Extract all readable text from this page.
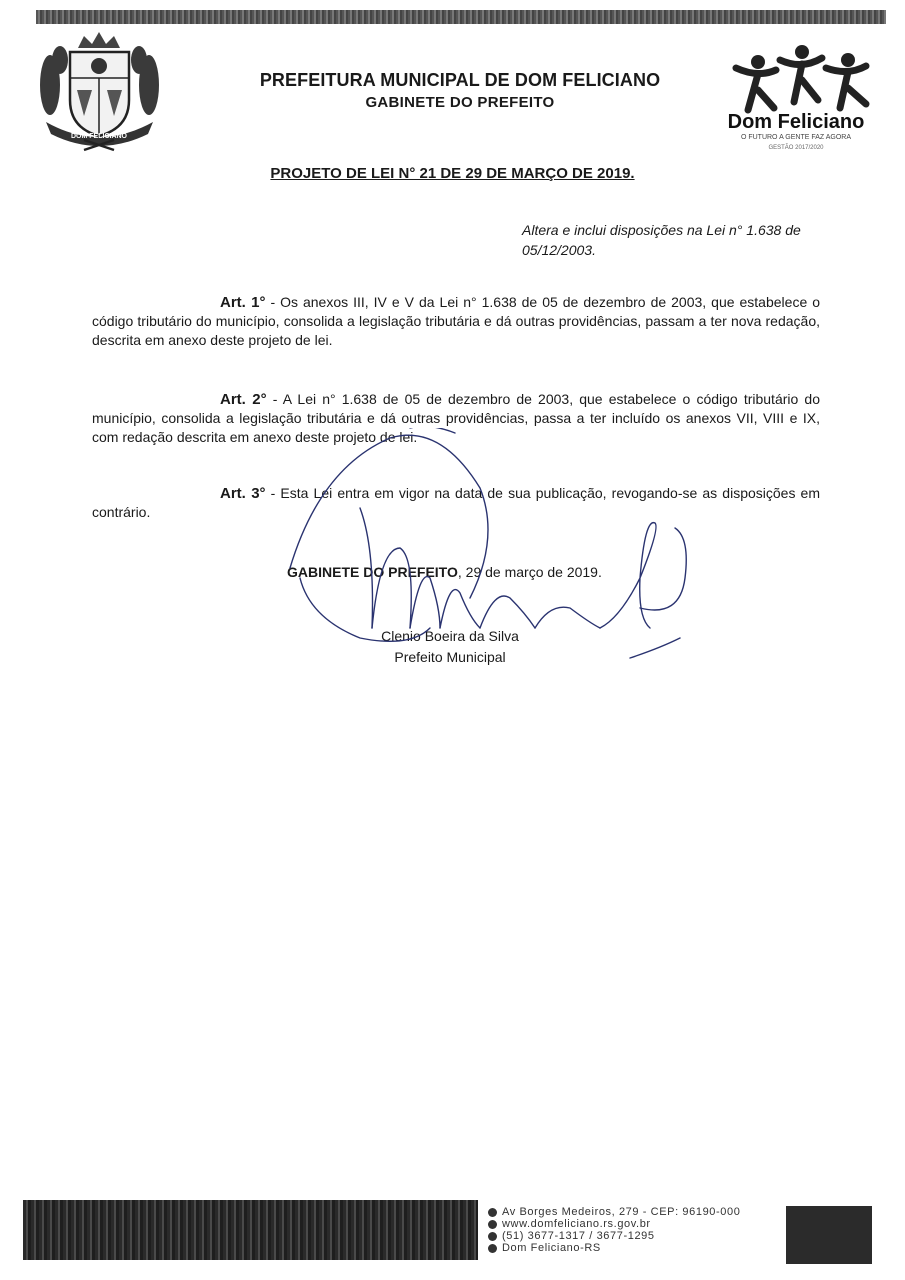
DOM FELICIANO
PREFEITURA MUNICIPAL DE DOM FELICIANO
GABINETE DO PREFEITO
Dom Feliciano
O FUTURO A GENTE FAZ AGORA
GESTÃO 2017/2020
PROJETO DE LEI N° 21 DE 29 DE MARÇO DE 2019.
Altera e inclui disposições na Lei n° 1.638 de 05/12/2003.
Art. 1° - Os anexos III, IV e V da Lei n° 1.638 de 05 de dezembro de 2003, que estabelece o código tributário do município, consolida a legislação tributária e dá outras providências, passam a ter nova redação, descrita em anexo deste projeto de lei.
Art. 2° - A Lei n° 1.638 de 05 de dezembro de 2003, que estabelece o código tributário do município, consolida a legislação tributária e dá outras providências, passa a ter incluído os anexos VII, VIII e IX, com redação descrita em anexo deste projeto de lei.
Art. 3° - Esta Lei entra em vigor na data de sua publicação, revogando-se as disposições em contrário.
GABINETE DO PREFEITO, 29 de março de 2019.
Clenio Boeira da Silva
Prefeito Municipal
Av Borges Medeiros, 279 - CEP: 96190-000
www.domfeliciano.rs.gov.br
(51) 3677-1317 / 3677-1295
Dom Feliciano-RS
